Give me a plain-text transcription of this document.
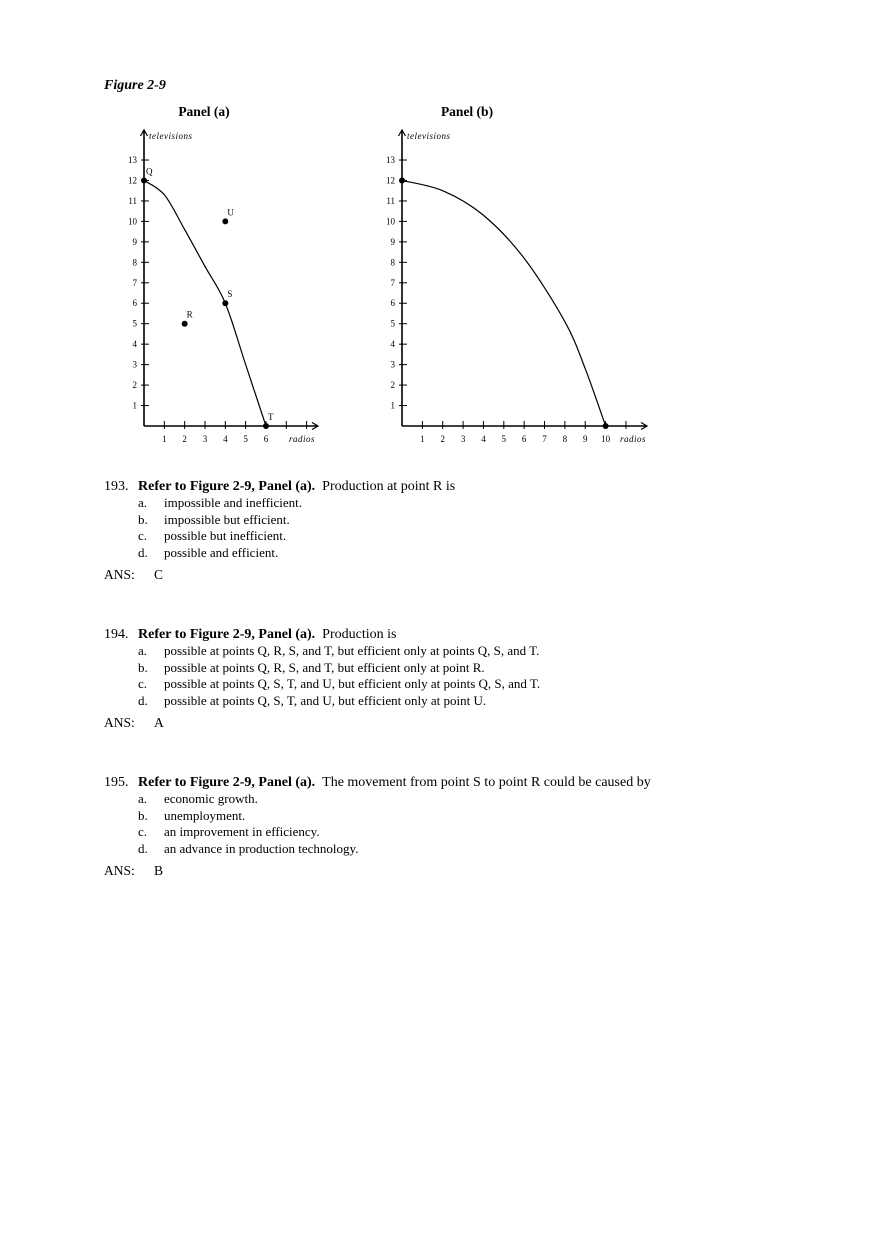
Figure 2-9
Panel (a)
televisions
radios
1
2
3
4
5
6
7
8
9
10
11
12
13
1 2 3 4 5 6
Q
S
T
R
U
Panel (b)
televisions
radios
1
2
3
4
5
6
7
8
9
10
11
12
13
1 2 3 4 5 6 7 8 9 10
193. Refer to Figure 2-9, Panel (a). Production at point R is
a. impossible and inefficient.
b. impossible but efficient.
c. possible but inefficient.
d. possible and efficient.
ANS: C
194. Refer to Figure 2-9, Panel (a). Production is
a. possible at points Q, R, S, and T, but efficient only at points Q, S, and T.
b. possible at points Q, R, S, and T, but efficient only at point R.
c. possible at points Q, S, T, and U, but efficient only at points Q, S, and T.
d. possible at points Q, S, T, and U, but efficient only at point U.
ANS: A
195. Refer to Figure 2-9, Panel (a). The movement from point S to point R could be caused by
a. economic growth.
b. unemployment.
c. an improvement in efficiency.
d. an advance in production technology.
ANS: B
